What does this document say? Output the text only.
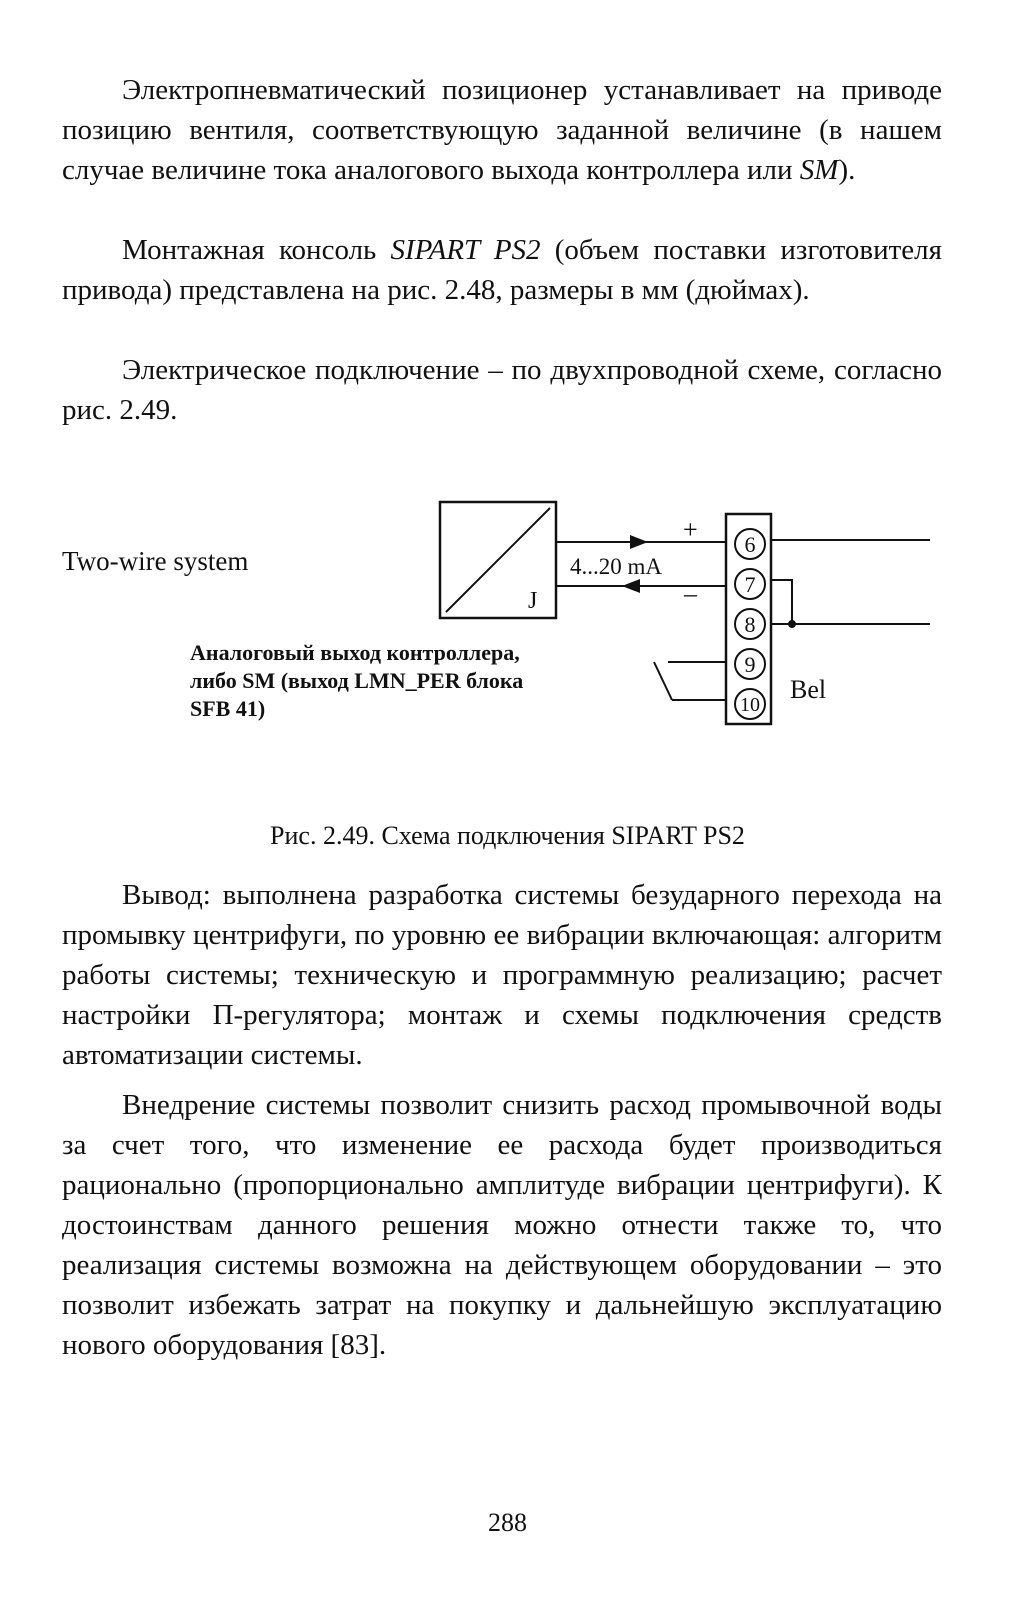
Электропневматический позиционер устанавливает на приводе позицию вентиля, соответствующую заданной величине (в нашем случае величине тока аналогового выхода контроллера или SM).

Монтажная консоль SIPART PS2 (объем поставки изготовителя привода) представлена на рис. 2.48, размеры в мм (дюймах).

Электрическое подключение – по двухпроводной схеме, согласно рис. 2.49.

Two-wire system
J
4...20 mA
+
–
6
7
8
9
10
Bel
Аналоговый выход контроллера,
либо SM (выход LMN_PER блока
SFB 41)
Рис. 2.49. Схема подключения SIPART PS2

Вывод: выполнена разработка системы безударного перехода на промывку центрифуги, по уровню ее вибрации включающая: алгоритм работы системы; техническую и программную реализацию; расчет настройки П-регулятора; монтаж и схемы подключения средств автоматизации системы.

Внедрение системы позволит снизить расход промывочной воды за счет того, что изменение ее расхода будет производиться рационально (пропорционально амплитуде вибрации центрифуги). К достоинствам данного решения можно отнести также то, что реализация системы возможна на действующем оборудовании – это позволит избежать затрат на покупку и дальнейшую эксплуатацию нового оборудования [83].

288
